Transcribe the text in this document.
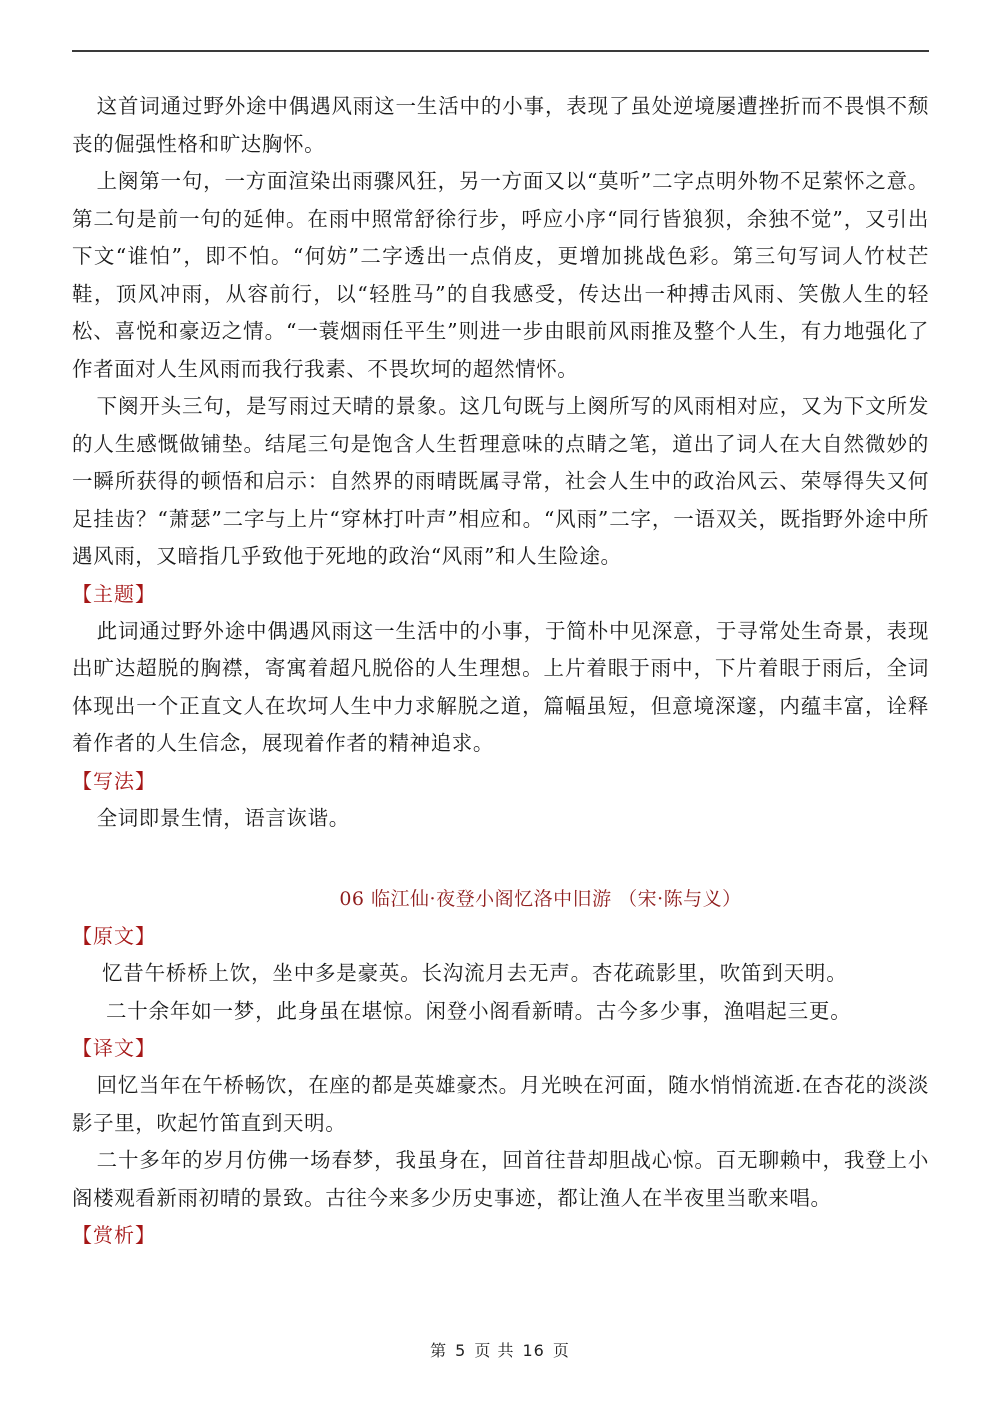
这首词通过野外途中偶遇风雨这一生活中的小事，表现了虽处逆境屡遭挫折而不畏惧不颓丧的倔强性格和旷达胸怀。

上阕第一句，一方面渲染出雨骤风狂，另一方面又以“莫听”二字点明外物不足萦怀之意。第二句是前一句的延伸。在雨中照常舒徐行步，呼应小序“同行皆狼狈，余独不觉”，又引出下文“谁怕”，即不怕。“何妨”二字透出一点俏皮，更增加挑战色彩。第三句写词人竹杖芒鞋，顶风冲雨，从容前行，以“轻胜马”的自我感受，传达出一种搏击风雨、笑傲人生的轻松、喜悦和豪迈之情。“一蓑烟雨任平生”则进一步由眼前风雨推及整个人生，有力地强化了作者面对人生风雨而我行我素、不畏坎坷的超然情怀。

下阕开头三句，是写雨过天晴的景象。这几句既与上阕所写的风雨相对应，又为下文所发的人生感慨做铺垫。结尾三句是饱含人生哲理意味的点睛之笔，道出了词人在大自然微妙的一瞬所获得的顿悟和启示：自然界的雨晴既属寻常，社会人生中的政治风云、荣辱得失又何足挂齿？“萧瑟”二字与上片“穿林打叶声”相应和。“风雨”二字，一语双关，既指野外途中所遇风雨，又暗指几乎致他于死地的政治“风雨”和人生险途。

【主题】

此词通过野外途中偶遇风雨这一生活中的小事，于简朴中见深意，于寻常处生奇景，表现出旷达超脱的胸襟，寄寓着超凡脱俗的人生理想。上片着眼于雨中，下片着眼于雨后，全词体现出一个正直文人在坎坷人生中力求解脱之道，篇幅虽短，但意境深邃，内蕴丰富，诠释着作者的人生信念，展现着作者的精神追求。

【写法】

全词即景生情，语言诙谐。

06 临江仙·夜登小阁忆洛中旧游 （宋·陈与义）

【原文】

忆昔午桥桥上饮，坐中多是豪英。长沟流月去无声。杏花疏影里，吹笛到天明。

二十余年如一梦，此身虽在堪惊。闲登小阁看新晴。古今多少事，渔唱起三更。

【译文】

回忆当年在午桥畅饮，在座的都是英雄豪杰。月光映在河面，随水悄悄流逝.在杏花的淡淡影子里，吹起竹笛直到天明。

二十多年的岁月仿佛一场春梦，我虽身在，回首往昔却胆战心惊。百无聊赖中，我登上小阁楼观看新雨初晴的景致。古往今来多少历史事迹，都让渔人在半夜里当歌来唱。

【赏析】

第 5 页 共 16 页
